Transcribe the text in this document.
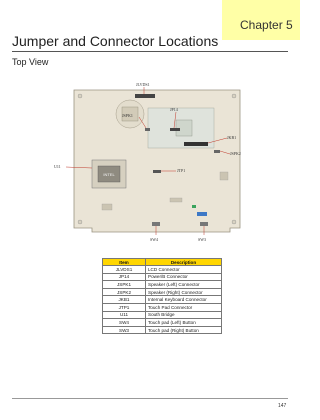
Chapter 5
Jumper and Connector Locations
Top View
INTEL
JLVDS1
JP14
JSPK1
JKB1
JSPK2
U11
JTP1
SW4	SW3
Item	Description
JLVDS1	LCD Connector
JP14	Power/B Connector
JSPK1	Speaker (Left) Connector
JSPK2	Speaker (Right) Connector
JKB1	Internal Keyboard Connector
JTP1	Touch Pad Connector
U11	South Bridge
SW4	Touch pad (Left) Button
SW3	Touch pad (Right) Button
147
